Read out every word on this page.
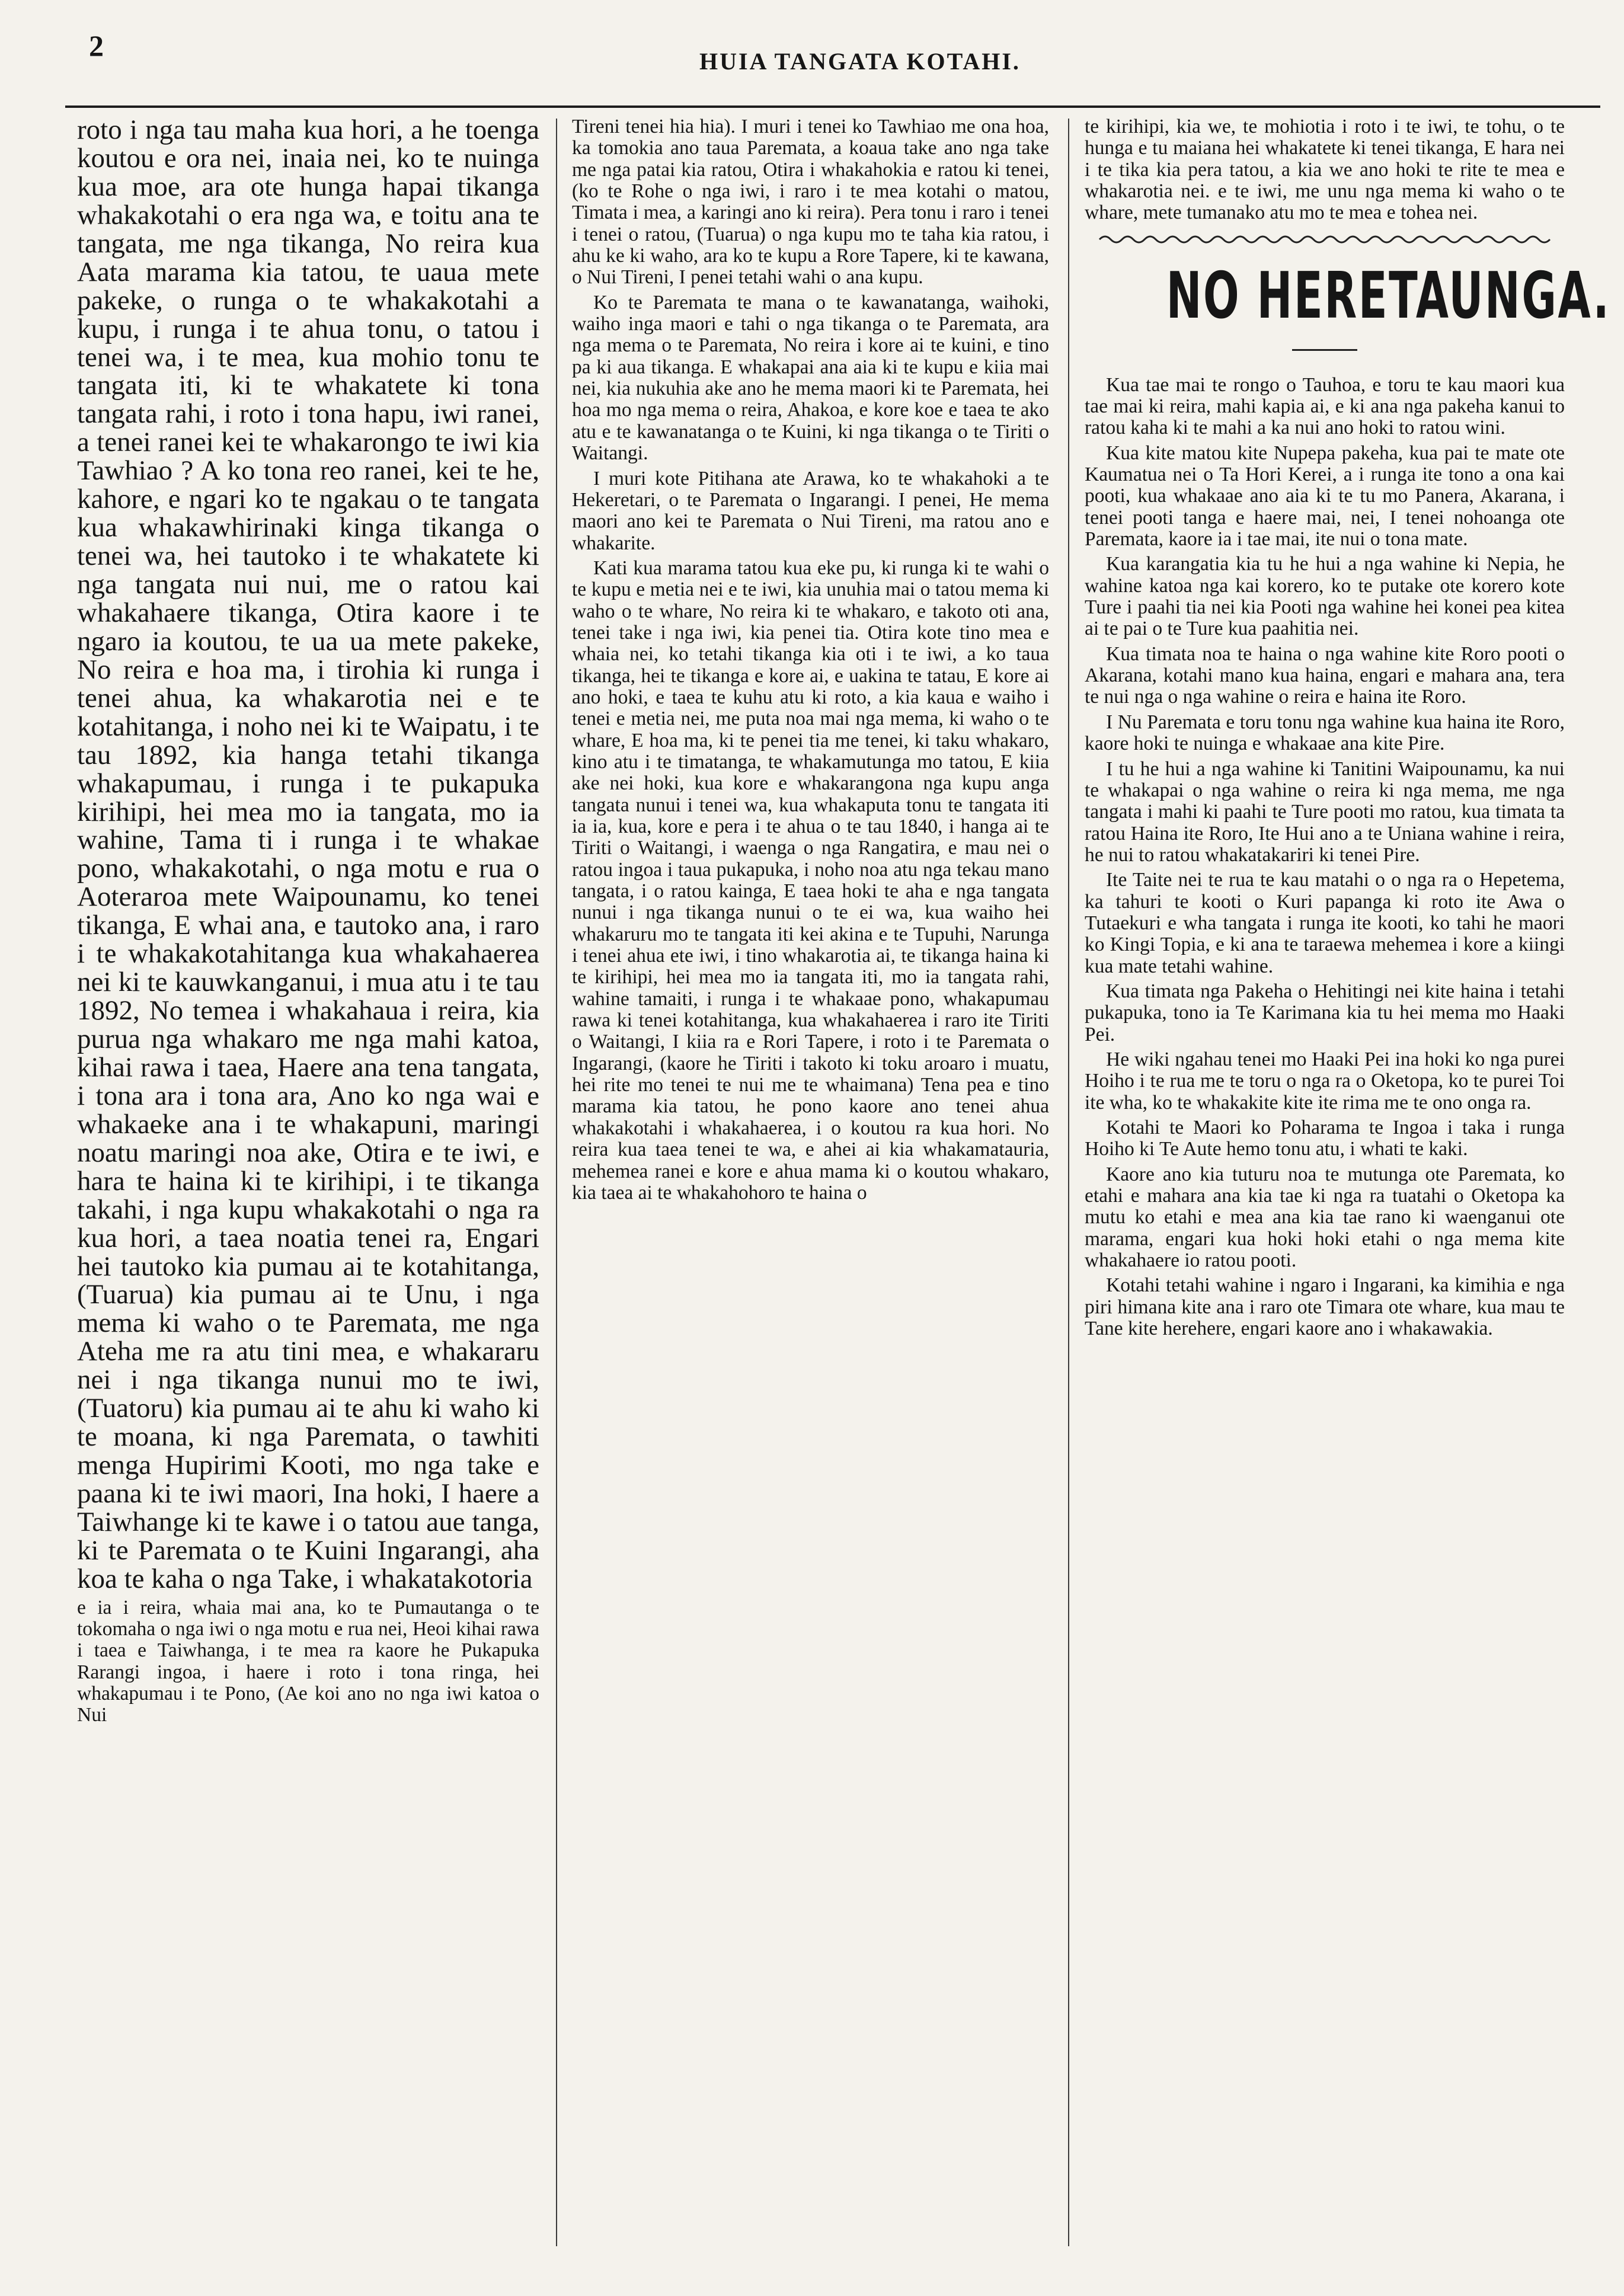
2	HUIA TANGATA KOTAHI.

roto i nga tau maha kua hori, a he toenga koutou e ora nei, inaia nei, ko te nuinga kua moe, ara ote hunga hapai tikanga whakakotahi o era nga wa, e toitu ana te tangata, me nga tikanga, No reira kua Aata marama kia tatou, te uaua mete pakeke, o runga o te whakakotahi a kupu, i runga i te ahua tonu, o tatou i tenei wa, i te mea, kua mohio tonu te tangata iti, ki te whakatete ki tona tangata rahi, i roto i tona hapu, iwi ranei, a tenei ranei kei te whakarongo te iwi kia Tawhiao ? A ko tona reo ranei, kei te he, kahore, e ngari ko te ngakau o te tangata kua whakawhirinaki kinga tikanga o tenei wa, hei tautoko i te whakatete ki nga tangata nui nui, me o ratou kai whakahaere tikanga, Otira kaore i te ngaro ia koutou, te ua ua mete pakeke, No reira e hoa ma, i tirohia ki runga i tenei ahua, ka whakarotia nei e te kotahitanga, i noho nei ki te Waipatu, i te tau 1892, kia hanga tetahi tikanga whakapumau, i runga i te pukapuka kirihipi, hei mea mo ia tangata, mo ia wahine, Tama ti i runga i te whakae pono, whakakotahi, o nga motu e rua o Aoteraroa mete Waipounamu, ko tenei tikanga, E whai ana, e tautoko ana, i raro i te whakakotahitanga kua whakahaerea nei ki te kauwkanganui, i mua atu i te tau 1892, No temea i whakahaua i reira, kia purua nga whakaro me nga mahi katoa, kihai rawa i taea, Haere ana tena tangata, i tona ara i tona ara, Ano ko nga wai e whakaeke ana i te whakapuni, maringi noatu maringi noa ake, Otira e te iwi, e hara te haina ki te kirihipi, i te tikanga takahi, i nga kupu whakakotahi o nga ra kua hori, a taea noatia tenei ra, Engari hei tautoko kia pumau ai te kotahitanga, (Tuarua) kia pumau ai te Unu, i nga mema ki waho o te Paremata, me nga Ateha me ra atu tini mea, e whakararu nei i nga tikanga nunui mo te iwi, (Tuatoru) kia pumau ai te ahu ki waho ki te moana, ki nga Paremata, o tawhiti menga Hupirimi Kooti, mo nga take e paana ki te iwi maori, Ina hoki, I haere a Taiwhange ki te kawe i o tatou aue tanga, ki te Paremata o te Kuini Ingarangi, aha koa te kaha o nga Take, i whakatakotoria

e ia i reira, whaia mai ana, ko te Pumautanga o te tokomaha o nga iwi o nga motu e rua nei, Heoi kihai rawa i taea e Taiwhanga, i te mea ra kaore he Pukapuka Rarangi ingoa, i haere i roto i tona ringa, hei whakapumau i te Pono, (Ae koi ano no nga iwi katoa o Nui

Tireni tenei hia hia). I muri i tenei ko Tawhiao me ona hoa, ka tomokia ano taua Paremata, a koaua take ano nga take me nga patai kia ratou, Otira i whakahokia e ratou ki tenei, (ko te Rohe o nga iwi, i raro i te mea kotahi o matou, Timata i mea, a karingi ano ki reira). Pera tonu i raro i tenei i tenei o ratou, (Tuarua) o nga kupu mo te taha kia ratou, i ahu ke ki waho, ara ko te kupu a Rore Tapere, ki te kawana, o Nui Tireni, I penei tetahi wahi o ana kupu.

Ko te Paremata te mana o te kawanatanga, waihoki, waiho inga maori e tahi o nga tikanga o te Paremata, ara nga mema o te Paremata, No reira i kore ai te kuini, e tino pa ki aua tikanga. E whakapai ana aia ki te kupu e kiia mai nei, kia nukuhia ake ano he mema maori ki te Paremata, hei hoa mo nga mema o reira, Ahakoa, e kore koe e taea te ako atu e te kawanatanga o te Kuini, ki nga tikanga o te Tiriti o Waitangi.

I muri kote Pitihana ate Arawa, ko te whakahoki a te Hekeretari, o te Paremata o Ingarangi. I penei, He mema maori ano kei te Paremata o Nui Tireni, ma ratou ano e whakarite.

Kati kua marama tatou kua eke pu, ki runga ki te wahi o te kupu e metia nei e te iwi, kia unuhia mai o tatou mema ki waho o te whare, No reira ki te whakaro, e takoto oti ana, tenei take i nga iwi, kia penei tia. Otira kote tino mea e whaia nei, ko tetahi tikanga kia oti i te iwi, a ko taua tikanga, hei te tikanga e kore ai, e uakina te tatau, E kore ai ano hoki, e taea te kuhu atu ki roto, a kia kaua e waiho i tenei e metia nei, me puta noa mai nga mema, ki waho o te whare, E hoa ma, ki te penei tia me tenei, ki taku whakaro, kino atu i te timatanga, te whakamutunga mo tatou, E kiia ake nei hoki, kua kore e whakarangona nga kupu anga tangata nunui i tenei wa, kua whakaputa tonu te tangata iti ia ia, kua, kore e pera i te ahua o te tau 1840, i hanga ai te Tiriti o Waitangi, i waenga o nga Rangatira, e mau nei o ratou ingoa i taua pukapuka, i noho noa atu nga tekau mano tangata, i o ratou kainga, E taea hoki te aha e nga tangata nunui i nga tikanga nunui o te ei wa, kua waiho hei whakaruru mo te tangata iti kei akina e te Tupuhi, Narunga i tenei ahua ete iwi, i tino whakarotia ai, te tikanga haina ki te kirihipi, hei mea mo ia tangata iti, mo ia tangata rahi, wahine tamaiti, i runga i te whakaae pono, whakapumau rawa ki tenei kotahitanga, kua whakahaerea i raro ite Tiriti o Waitangi, I kiia ra e Rori Tapere, i roto i te Paremata o Ingarangi, (kaore he Tiriti i takoto ki toku aroaro i muatu, hei rite mo tenei te nui me te whaimana) Tena pea e tino marama kia tatou, he pono kaore ano tenei ahua whakakotahi i whakahaerea, i o koutou ra kua hori. No reira kua taea tenei te wa, e ahei ai kia whakamatauria, mehemea ranei e kore e ahua mama ki o koutou whakaro, kia taea ai te whakahohoro te haina o

te kirihipi, kia we, te mohiotia i roto i te iwi, te tohu, o te hunga e tu maiana hei whakatete ki tenei tikanga, E hara nei i te tika kia pera tatou, a kia we ano hoki te rite te mea e whakarotia nei. e te iwi, me unu nga mema ki waho o te whare, mete tumanako atu mo te mea e tohea nei.

NO HERETAUNGA.

Kua tae mai te rongo o Tauhoa, e toru te kau maori kua tae mai ki reira, mahi kapia ai, e ki ana nga pakeha kanui to ratou kaha ki te mahi a ka nui ano hoki to ratou wini.

Kua kite matou kite Nupepa pakeha, kua pai te mate ote Kaumatua nei o Ta Hori Kerei, a i runga ite tono a ona kai pooti, kua whakaae ano aia ki te tu mo Panera, Akarana, i tenei pooti tanga e haere mai, nei, I tenei nohoanga ote Paremata, kaore ia i tae mai, ite nui o tona mate.

Kua karangatia kia tu he hui a nga wahine ki Nepia, he wahine katoa nga kai korero, ko te putake ote korero kote Ture i paahi tia nei kia Pooti nga wahine hei konei pea kitea ai te pai o te Ture kua paahitia nei.

Kua timata noa te haina o nga wahine kite Roro pooti o Akarana, kotahi mano kua haina, engari e mahara ana, tera te nui nga o nga wahine o reira e haina ite Roro.

I Nu Paremata e toru tonu nga wahine kua haina ite Roro, kaore hoki te nuinga e whakaae ana kite Pire.

I tu he hui a nga wahine ki Tanitini Waipounamu, ka nui te whakapai o nga wahine o reira ki nga mema, me nga tangata i mahi ki paahi te Ture pooti mo ratou, kua timata ta ratou Haina ite Roro, Ite Hui ano a te Uniana wahine i reira, he nui to ratou whakatakariri ki tenei Pire.

Ite Taite nei te rua te kau matahi o o nga ra o Hepetema, ka tahuri te kooti o Kuri papanga ki roto ite Awa o Tutaekuri e wha tangata i runga ite kooti, ko tahi he maori ko Kingi Topia, e ki ana te taraewa mehemea i kore a kiingi kua mate tetahi wahine.

Kua timata nga Pakeha o Hehitingi nei kite haina i tetahi pukapuka, tono ia Te Karimana kia tu hei mema mo Haaki Pei.

He wiki ngahau tenei mo Haaki Pei ina hoki ko nga purei Hoiho i te rua me te toru o nga ra o Oketopa, ko te purei Toi ite wha, ko te whakakite kite ite rima me te ono onga ra.

Kotahi te Maori ko Poharama te Ingoa i taka i runga Hoiho ki Te Aute hemo tonu atu, i whati te kaki.

Kaore ano kia tuturu noa te mutunga ote Paremata, ko etahi e mahara ana kia tae ki nga ra tuatahi o Oketopa ka mutu ko etahi e mea ana kia tae rano ki waenganui ote marama, engari kua hoki hoki etahi o nga mema kite whakahaere io ratou pooti.

Kotahi tetahi wahine i ngaro i Ingarani, ka kimihia e nga piri himana kite ana i raro ote Timara ote whare, kua mau te Tane kite herehere, engari kaore ano i whakawakia.
